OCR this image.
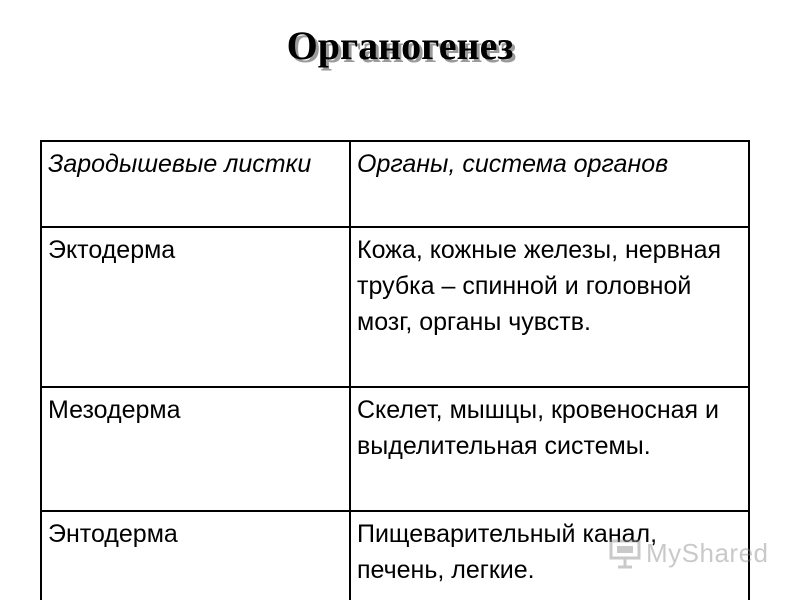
Органогенез
Зародышевые листки	Органы, система органов
Эктодерма	Кожа, кожные железы, нервная трубка – спинной и головной мозг, органы чувств.
Мезодерма	Скелет, мышцы, кровеносная и выделительная системы.
Энтодерма	Пищеварительный канал, печень, легкие.
MyShared
